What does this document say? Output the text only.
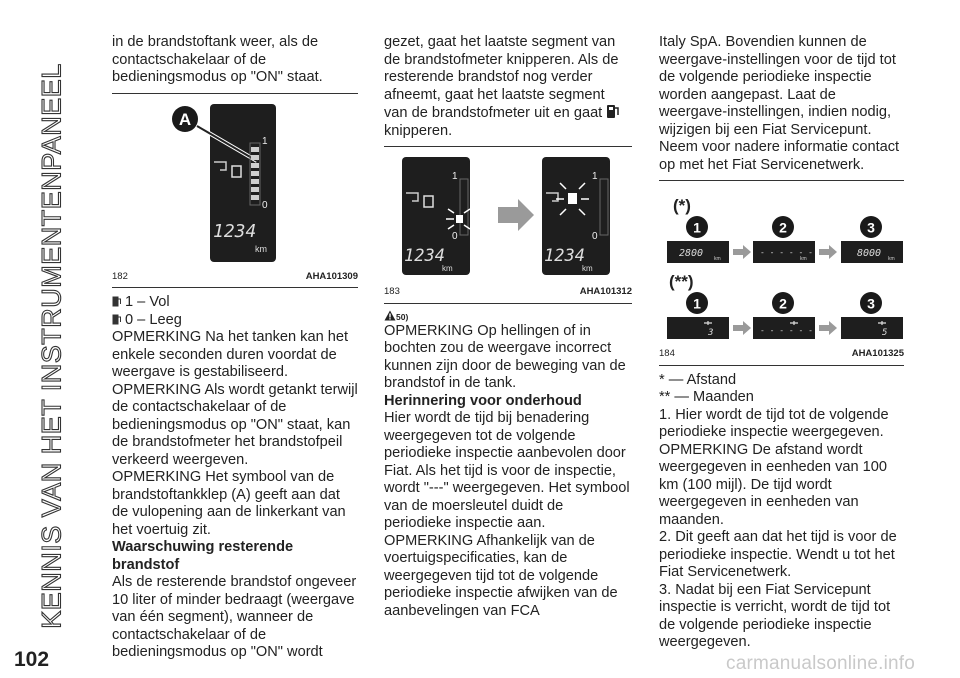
KENNIS VAN HET INSTRUMENTENPANEEL

in de brandstoftank weer, als de contactschakelaar of de bedieningsmodus op "ON" staat.

A
1
0
1234
km
182	AHA101309

1 – Vol

0 – Leeg

OPMERKING Na het tanken kan het enkele seconden duren voordat de weergave is gestabiliseerd.

OPMERKING Als wordt getankt terwijl de contactschakelaar of de bedieningsmodus op "ON" staat, kan de brandstofmeter het brandstofpeil verkeerd weergeven.

OPMERKING Het symbool van de brandstoftankklep (A) geeft aan dat de vulopening aan de linkerkant van het voertuig zit.

Waarschuwing resterende brandstof

Als de resterende brandstof ongeveer 10 liter of minder bedraagt (weergave van één segment), wanneer de contactschakelaar of de bedieningsmodus op "ON" wordt

gezet, gaat het laatste segment van de brandstofmeter knipperen. Als de resterende brandstof nog verder afneemt, gaat het laatste segment van de brandstofmeter uit en gaat
knipperen.

1
0
1234
km
1
0
1234
km
183	AHA101312

50)

OPMERKING Op hellingen of in bochten zou de weergave incorrect kunnen zijn door de beweging van de brandstof in de tank.

Herinnering voor onderhoud

Hier wordt de tijd bij benadering weergegeven tot de volgende periodieke inspectie aanbevolen door Fiat. Als het tijd is voor de inspectie, wordt "---" weergegeven. Het symbool van de moersleutel duidt de periodieke inspectie aan.

OPMERKING Afhankelijk van de voertuigspecificaties, kan de weergegeven tijd tot de volgende periodieke inspectie afwijken van de aanbevelingen van FCA

Italy SpA. Bovendien kunnen de weergave-instellingen voor de tijd tot de volgende periodieke inspectie worden aangepast. Laat de weergave-instellingen, indien nodig, wijzigen bij een Fiat Servicepunt. Neem voor nadere informatie contact op met het Fiat Servicenetwerk.

(*)
(**)
1	2	3
2800 km
- - - - - -
km	8000 km
1	2	3
3	- - - - - -	5
184	AHA101325

* — Afstand

** — Maanden

1. Hier wordt de tijd tot de volgende periodieke inspectie weergegeven.

OPMERKING De afstand wordt weergegeven in eenheden van 100 km (100 mijl). De tijd wordt weergegeven in eenheden van maanden.

2. Dit geeft aan dat het tijd is voor de periodieke inspectie. Wendt u tot het Fiat Servicenetwerk.

3. Nadat bij een Fiat Servicepunt inspectie is verricht, wordt de tijd tot de volgende periodieke inspectie weergegeven.

102	carmanualsonline.info
